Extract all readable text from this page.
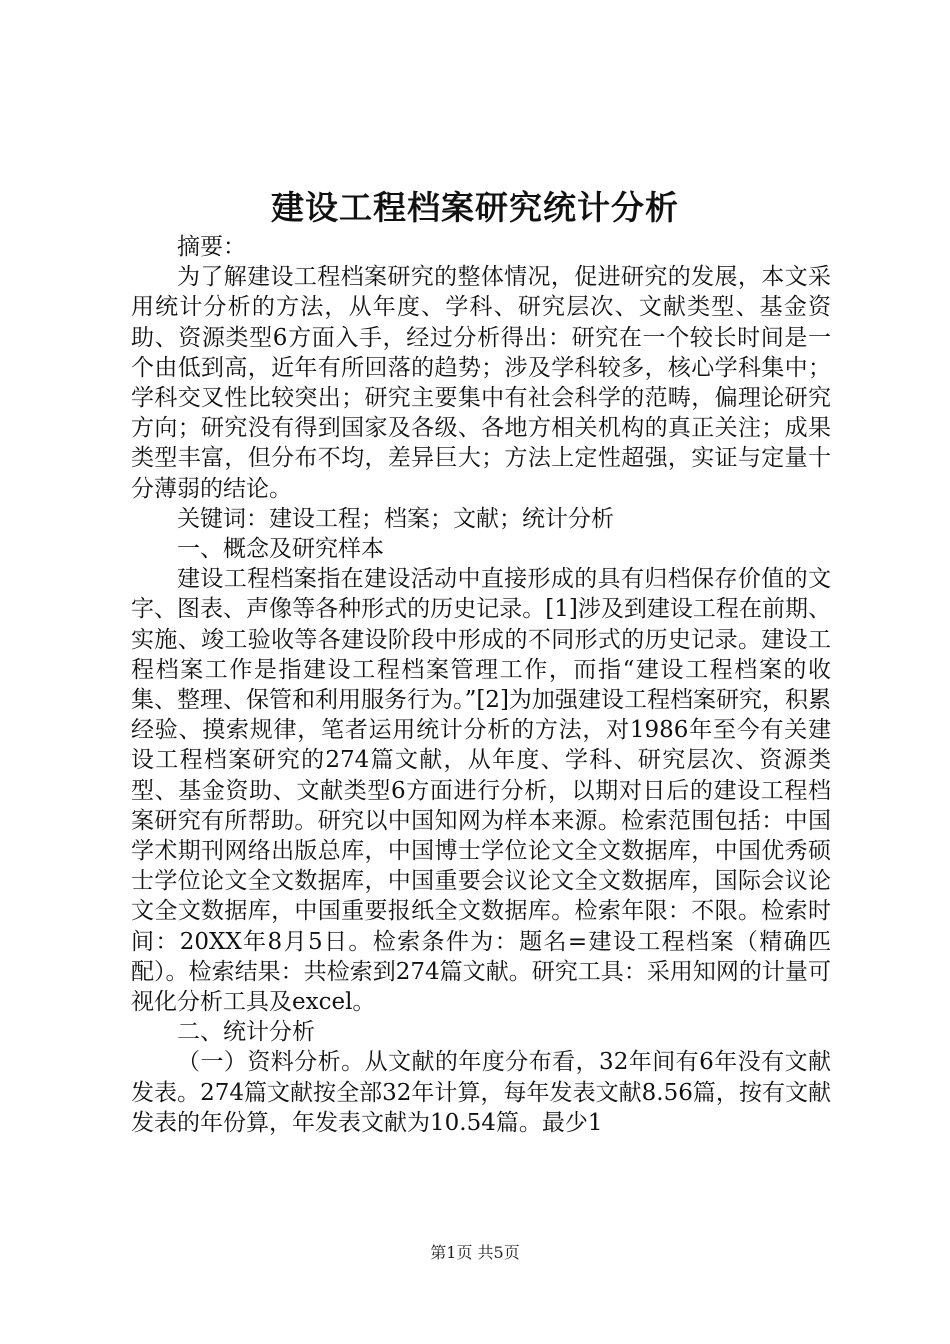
建设工程档案研究统计分析

摘要：

为了解建设工程档案研究的整体情况，促进研究的发展，本文采用统计分析的方法，从年度、学科、研究层次、文献类型、基金资助、资源类型6方面入手，经过分析得出：研究在一个较长时间是一个由低到高，近年有所回落的趋势；涉及学科较多，核心学科集中；学科交叉性比较突出；研究主要集中有社会科学的范畴，偏理论研究方向；研究没有得到国家及各级、各地方相关机构的真正关注；成果类型丰富，但分布不均，差异巨大；方法上定性超强，实证与定量十分薄弱的结论。

关键词：建设工程；档案；文献；统计分析

一、概念及研究样本

建设工程档案指在建设活动中直接形成的具有归档保存价值的文字、图表、声像等各种形式的历史记录。[1]涉及到建设工程在前期、实施、竣工验收等各建设阶段中形成的不同形式的历史记录。建设工程档案工作是指建设工程档案管理工作，而指“建设工程档案的收集、整理、保管和利用服务行为。”[2]为加强建设工程档案研究，积累经验、摸索规律，笔者运用统计分析的方法，对1986年至今有关建设工程档案研究的274篇文献，从年度、学科、研究层次、资源类型、基金资助、文献类型6方面进行分析，以期对日后的建设工程档案研究有所帮助。研究以中国知网为样本来源。检索范围包括：中国学术期刊网络出版总库，中国博士学位论文全文数据库，中国优秀硕士学位论文全文数据库，中国重要会议论文全文数据库，国际会议论文全文数据库，中国重要报纸全文数据库。检索年限：不限。检索时间：20XX年8月5日。检索条件为：题名=建设工程档案（精确匹配）。检索结果：共检索到274篇文献。研究工具：采用知网的计量可视化分析工具及excel。

二、统计分析

（一）资料分析。从文献的年度分布看，32年间有6年没有文献发表。274篇文献按全部32年计算，每年发表文献8.56篇，按有文献发表的年份算，年发表文献为10.54篇。最少1

第1页 共5页
